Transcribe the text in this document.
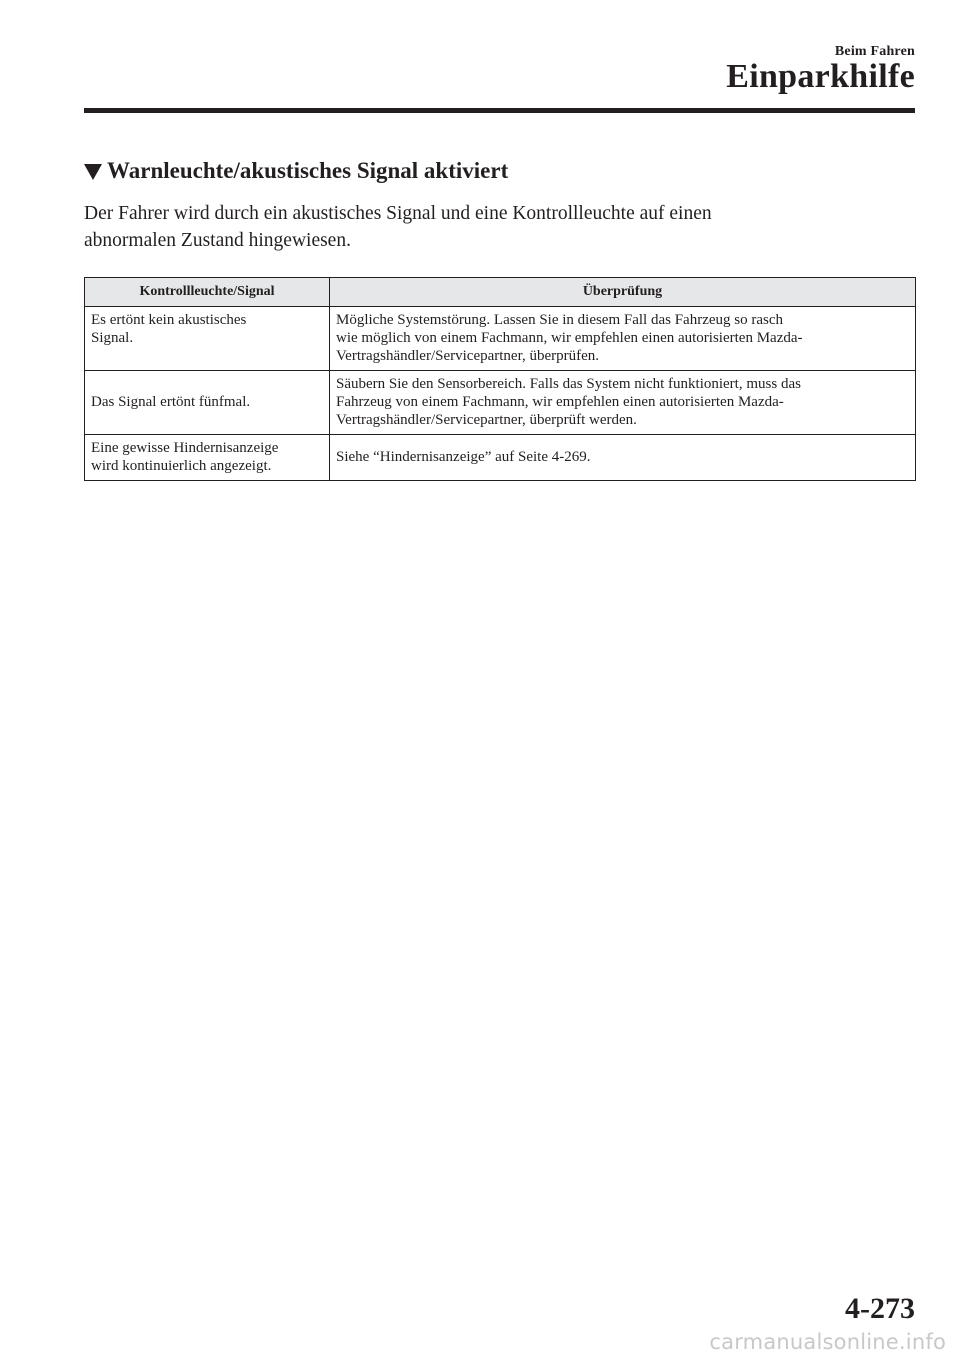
Beim Fahren
Einparkhilfe
Warnleuchte/akustisches Signal aktiviert
Der Fahrer wird durch ein akustisches Signal und eine Kontrollleuchte auf einen
abnormalen Zustand hingewiesen.
Kontrollleuchte/Signal	Überprüfung

Es ertönt kein akustisches
Signal.	Mögliche Systemstörung. Lassen Sie in diesem Fall das Fahrzeug so rasch
wie möglich von einem Fachmann, wir empfehlen einen autorisierten Mazda-
Vertragshändler/Servicepartner, überprüfen.

Das Signal ertönt fünfmal.	Säubern Sie den Sensorbereich. Falls das System nicht funktioniert, muss das
Fahrzeug von einem Fachmann, wir empfehlen einen autorisierten Mazda-
Vertragshändler/Servicepartner, überprüft werden.

Eine gewisse Hindernisanzeige
wird kontinuierlich angezeigt.	Siehe “Hindernisanzeige” auf Seite 4-269.
4-273
carmanualsonline.info
